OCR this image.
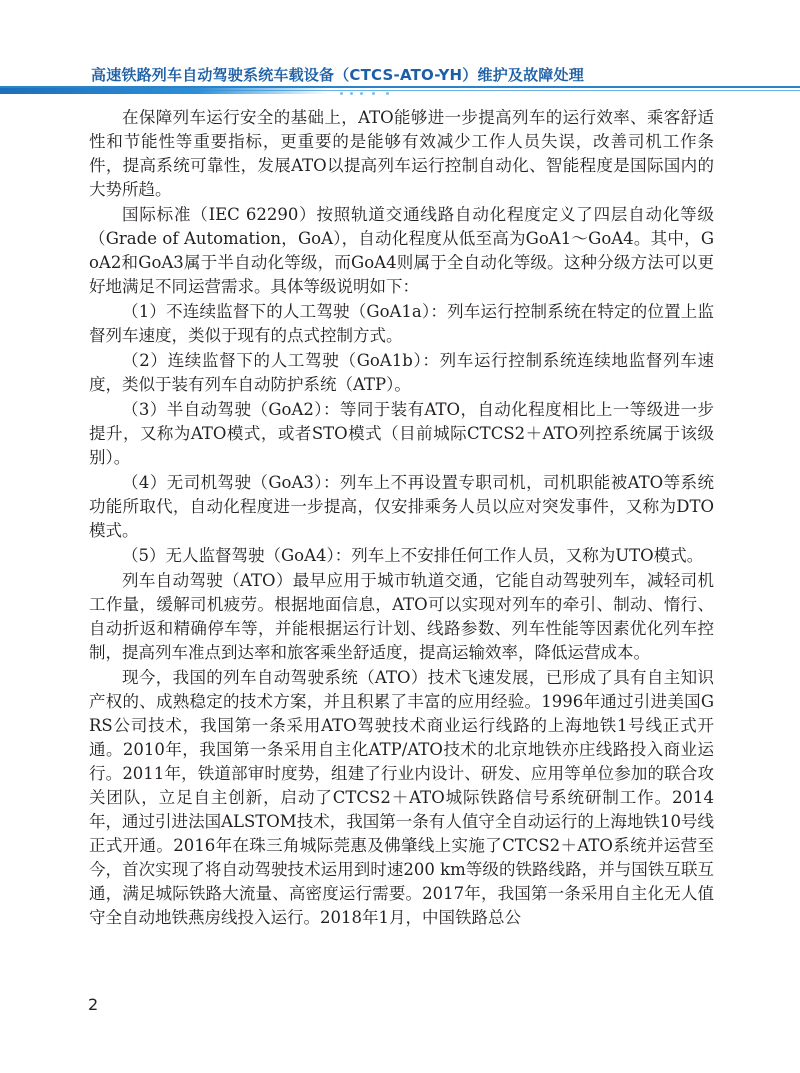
高速铁路列车自动驾驶系统车载设备（CTCS-ATO-YH）维护及故障处理

在保障列车运行安全的基础上，ATO能够进一步提高列车的运行效率、乘客舒适性和节能性等重要指标，更重要的是能够有效减少工作人员失误，改善司机工作条件，提高系统可靠性，发展ATO以提高列车运行控制自动化、智能程度是国际国内的大势所趋。

国际标准（IEC 62290）按照轨道交通线路自动化程度定义了四层自动化等级（Grade of Automation，GoA），自动化程度从低至高为GoA1～GoA4。其中，GoA2和GoA3属于半自动化等级，而GoA4则属于全自动化等级。这种分级方法可以更好地满足不同运营需求。具体等级说明如下：

（1）不连续监督下的人工驾驶（GoA1a）：列车运行控制系统在特定的位置上监督列车速度，类似于现有的点式控制方式。

（2）连续监督下的人工驾驶（GoA1b）：列车运行控制系统连续地监督列车速度，类似于装有列车自动防护系统（ATP）。

（3）半自动驾驶（GoA2）：等同于装有ATO，自动化程度相比上一等级进一步提升，又称为ATO模式，或者STO模式（目前城际CTCS2＋ATO列控系统属于该级别）。

（4）无司机驾驶（GoA3）：列车上不再设置专职司机，司机职能被ATO等系统功能所取代，自动化程度进一步提高，仅安排乘务人员以应对突发事件，又称为DTO模式。

（5）无人监督驾驶（GoA4）：列车上不安排任何工作人员，又称为UTO模式。

列车自动驾驶（ATO）最早应用于城市轨道交通，它能自动驾驶列车，减轻司机工作量，缓解司机疲劳。根据地面信息，ATO可以实现对列车的牵引、制动、惰行、自动折返和精确停车等，并能根据运行计划、线路参数、列车性能等因素优化列车控制，提高列车准点到达率和旅客乘坐舒适度，提高运输效率，降低运营成本。

现今，我国的列车自动驾驶系统（ATO）技术飞速发展，已形成了具有自主知识产权的、成熟稳定的技术方案，并且积累了丰富的应用经验。1996年通过引进美国GRS公司技术，我国第一条采用ATO驾驶技术商业运行线路的上海地铁1号线正式开通。2010年，我国第一条采用自主化ATP/ATO技术的北京地铁亦庄线路投入商业运行。2011年，铁道部审时度势，组建了行业内设计、研发、应用等单位参加的联合攻关团队，立足自主创新，启动了CTCS2＋ATO城际铁路信号系统研制工作。2014年，通过引进法国ALSTOM技术，我国第一条有人值守全自动运行的上海地铁10号线正式开通。2016年在珠三角城际莞惠及佛肇线上实施了CTCS2＋ATO系统并运营至今，首次实现了将自动驾驶技术运用到时速200 km等级的铁路线路，并与国铁互联互通，满足城际铁路大流量、高密度运行需要。2017年，我国第一条采用自主化无人值守全自动地铁燕房线投入运行。2018年1月，中国铁路总公

2
